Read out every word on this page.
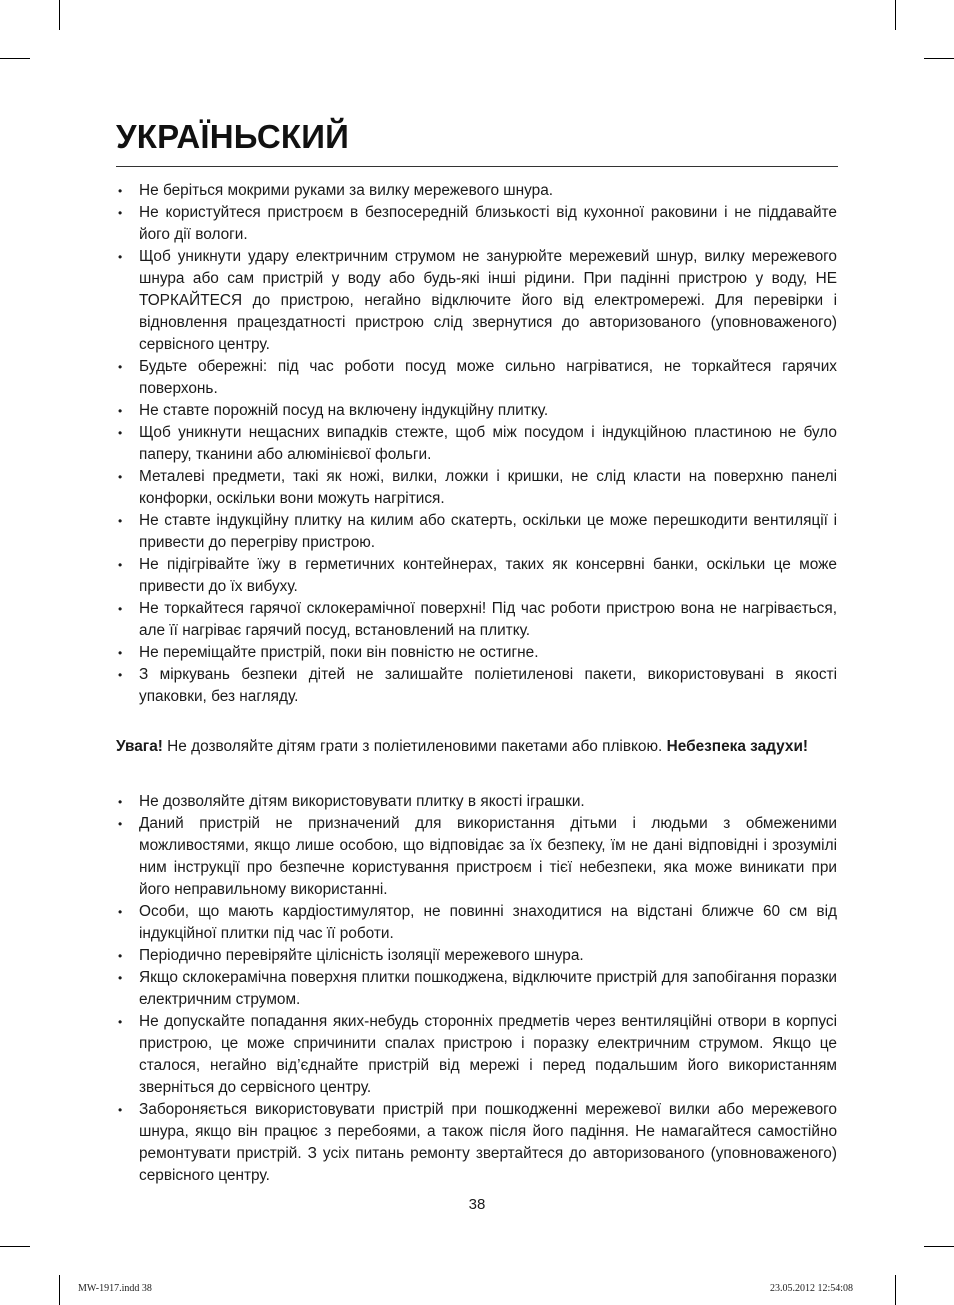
УКРАЇНЬСКИЙ
• Не беріться мокрими руками за вилку мережевого шнура.
• Не користуйтеся пристроєм в безпосередній близькості від кухонної раковини і не піддавайте його дії вологи.
• Щоб уникнути удару електричним струмом не занурюйте мережевий шнур, вилку мережевого шнура або сам пристрій у воду або будь-які інші рідини. При падінні пристрою у воду, НЕ ТОРКАЙТЕСЯ до пристрою, негайно відключите його від електромережі. Для перевірки і відновлення працездатності пристрою слід звернутися до авторизованого (уповноваженого) сервісного центру.
• Будьте обережні: під час роботи посуд може сильно нагріватися, не торкайтеся гарячих поверхонь.
• Не ставте порожній посуд на включену індукційну плитку.
• Щоб уникнути нещасних випадків стежте, щоб між посудом і індукційною пластиною не було паперу, тканини або алюмінієвої фольги.
• Металеві предмети, такі як ножі, вилки, ложки і кришки, не слід класти на поверхню панелі конфорки, оскільки вони можуть нагрітися.
• Не ставте індукційну плитку на килим або скатерть, оскільки це може перешкодити вентиляції і привести до перегріву пристрою.
• Не підігрівайте їжу в герметичних контейнерах, таких як консервні банки, оскільки це може привести до їх вибуху.
• Не торкайтеся гарячої склокерамічної поверхні! Під час роботи пристрою вона не нагрівається, але її нагріває гарячий посуд, встановлений на плитку.
• Не переміщайте пристрій, поки він повністю не остигне.
• З міркувань безпеки дітей не залишайте поліетиленові пакети, використовувані в якості упаковки, без нагляду.

Увага! Не дозволяйте дітям грати з поліетиленовими пакетами або плівкою. Небезпека задухи!

• Не дозволяйте дітям використовувати плитку в якості іграшки.
• Даний пристрій не призначений для використання дітьми і людьми з обмеженими можливостями, якщо лише особою, що відповідає за їх безпеку, їм не дані відповідні і зрозумілі ним інструкції про безпечне користування пристроєм і тієї небезпеки, яка може виникати при його неправильному використанні.
• Особи, що мають кардіостимулятор, не повинні знаходитися на відстані ближче 60 см від індукційної плитки під час її роботи.
• Періодично перевіряйте цілісність ізоляції мережевого шнура.
• Якщо склокерамічна поверхня плитки пошкоджена, відключите пристрій для запобігання поразки електричним струмом.
• Не допускайте попадання яких-небудь сторонніх предметів через вентиляційні отвори в корпусі пристрою, це може спричинити спалах пристрою і поразку електричним струмом. Якщо це сталося, негайно від’єднайте пристрій від мережі і перед подальшим його використанням зверніться до сервісного центру.
• Забороняється використовувати пристрій при пошкодженні мережевої вилки або мережевого шнура, якщо він працює з перебоями, а також після його падіння. Не намагайтеся самостійно ремонтувати пристрій. З усіх питань ремонту звертайтеся до авторизованого (уповноваженого) сервісного центру.
38
MW-1917.indd 38	23.05.2012 12:54:08
